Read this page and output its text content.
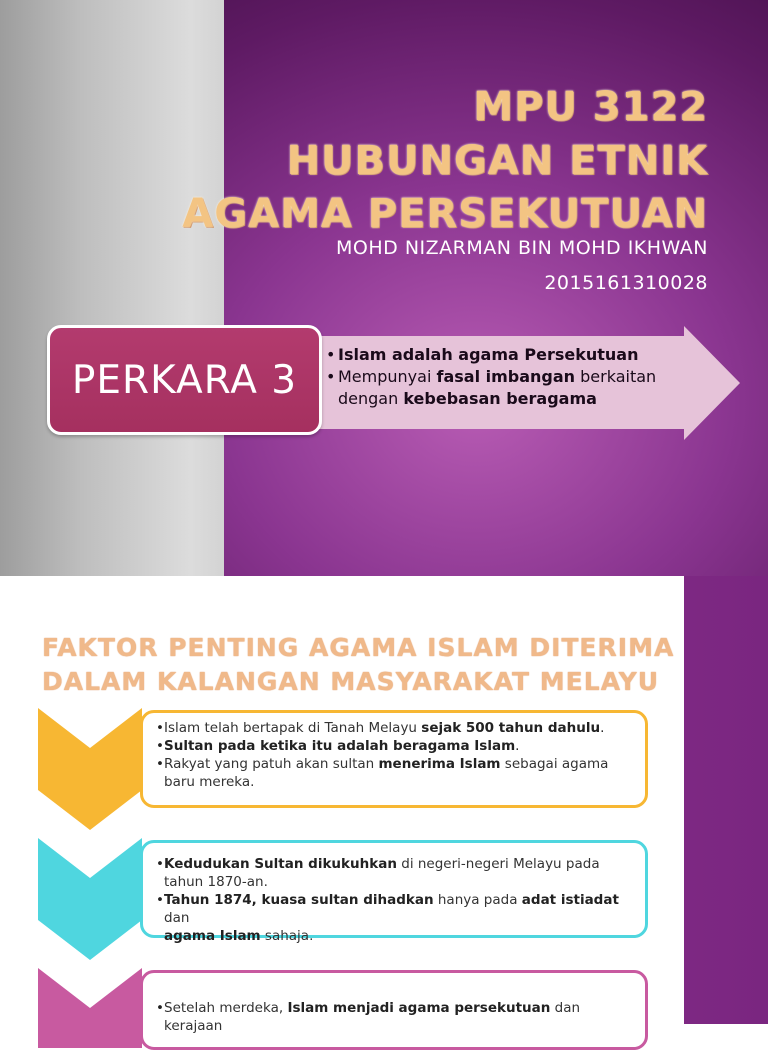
MPU 3122
HUBUNGAN ETNIK
AGAMA PERSEKUTUAN
MOHD NIZARMAN BIN MOHD IKHWAN
2015161310028
PERKARA 3
• Islam adalah agama Persekutuan
• Mempunyai fasal imbangan berkaitan
dengan kebebasan beragama
FAKTOR PENTING AGAMA ISLAM DITERIMA
DALAM KALANGAN MASYARAKAT MELAYU
• Islam telah bertapak di Tanah Melayu sejak 500 tahun dahulu.
• Sultan pada ketika itu adalah beragama Islam.
• Rakyat yang patuh akan sultan menerima Islam sebagai agama
baru mereka.
• Kedudukan Sultan dikukuhkan di negeri-negeri Melayu pada
tahun 1870-an.
• Tahun 1874, kuasa sultan dihadkan hanya pada adat istiadat dan
agama Islam sahaja.
• Setelah merdeka, Islam menjadi agama persekutuan dan
kerajaan
